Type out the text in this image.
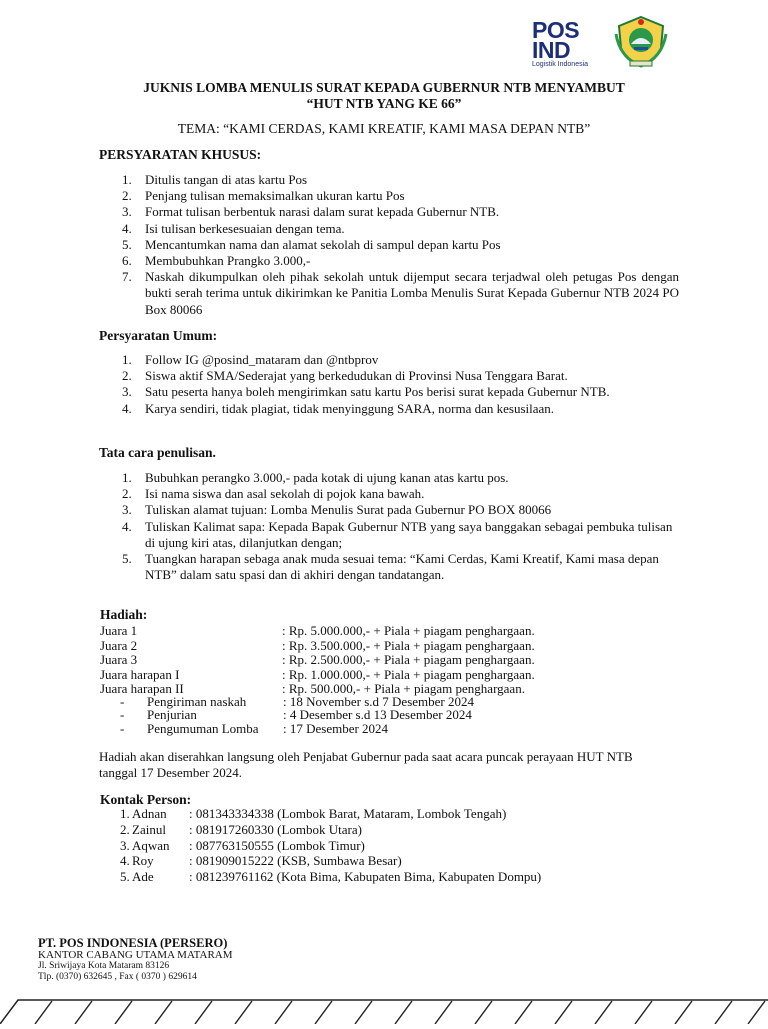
POS
IND
Logistik Indonesia
JUKNIS LOMBA MENULIS SURAT KEPADA GUBERNUR NTB MENYAMBUT
“HUT NTB YANG KE 66”
TEMA: “KAMI CERDAS, KAMI KREATIF, KAMI MASA DEPAN NTB”
PERSYARATAN KHUSUS:
1. Ditulis tangan di atas kartu Pos
2. Penjang tulisan memaksimalkan ukuran kartu Pos
3. Format tulisan berbentuk narasi dalam surat kepada Gubernur NTB.
4. Isi tulisan berkesesuaian dengan tema.
5. Mencantumkan nama dan alamat sekolah di sampul depan kartu Pos
6. Membubuhkan Prangko 3.000,-
7. Naskah dikumpulkan oleh pihak sekolah untuk dijemput secara terjadwal oleh petugas Pos dengan bukti serah terima untuk dikirimkan ke Panitia Lomba Menulis Surat Kepada Gubernur NTB 2024 PO Box 80066
Persyaratan Umum:
1. Follow IG @posind_mataram dan @ntbprov
2. Siswa aktif SMA/Sederajat yang berkedudukan di Provinsi Nusa Tenggara Barat.
3. Satu peserta hanya boleh mengirimkan satu kartu Pos berisi surat kepada Gubernur NTB.
4. Karya sendiri, tidak plagiat, tidak menyinggung SARA, norma dan kesusilaan.
Tata cara penulisan.
1. Bubuhkan perangko 3.000,- pada kotak di ujung kanan atas kartu pos.
2. Isi nama siswa dan asal sekolah di pojok kana bawah.
3. Tuliskan alamat tujuan: Lomba Menulis Surat pada Gubernur PO BOX 80066
4. Tuliskan Kalimat sapa: Kepada Bapak Gubernur NTB yang saya banggakan sebagai pembuka tulisan di ujung kiri atas, dilanjutkan dengan;
5. Tuangkan harapan sebaga anak muda sesuai tema: “Kami Cerdas, Kami Kreatif, Kami masa depan NTB” dalam satu spasi dan di akhiri dengan tandatangan.
Hadiah:
Juara 1	: Rp. 5.000.000,- + Piala + piagam penghargaan.
Juara 2	: Rp. 3.500.000,- + Piala + piagam penghargaan.
Juara 3	: Rp. 2.500.000,- + Piala + piagam penghargaan.
Juara harapan I	: Rp. 1.000.000,- + Piala + piagam penghargaan.
Juara harapan II	: Rp. 500.000,- + Piala + piagam penghargaan.
- Pengiriman naskah	: 18 November s.d 7 Desember 2024
- Penjurian	: 4 Desember s.d 13 Desember 2024
- Pengumuman Lomba : 17 Desember 2024
Hadiah akan diserahkan langsung oleh Penjabat Gubernur pada saat acara puncak perayaan HUT NTB tanggal 17 Desember 2024.
Kontak Person:
1. Adnan : 081343334338 (Lombok Barat, Mataram, Lombok Tengah)
2. Zainul : 081917260330 (Lombok Utara)
3. Aqwan : 087763150555 (Lombok Timur)
4. Roy	: 081909015222 (KSB, Sumbawa Besar)
5. Ade	: 081239761162 (Kota Bima, Kabupaten Bima, Kabupaten Dompu)
PT. POS INDONESIA (PERSERO)
KANTOR CABANG UTAMA MATARAM
Jl. Sriwijaya Kota Mataram 83126
Tlp. (0370) 632645 , Fax ( 0370 ) 629614
